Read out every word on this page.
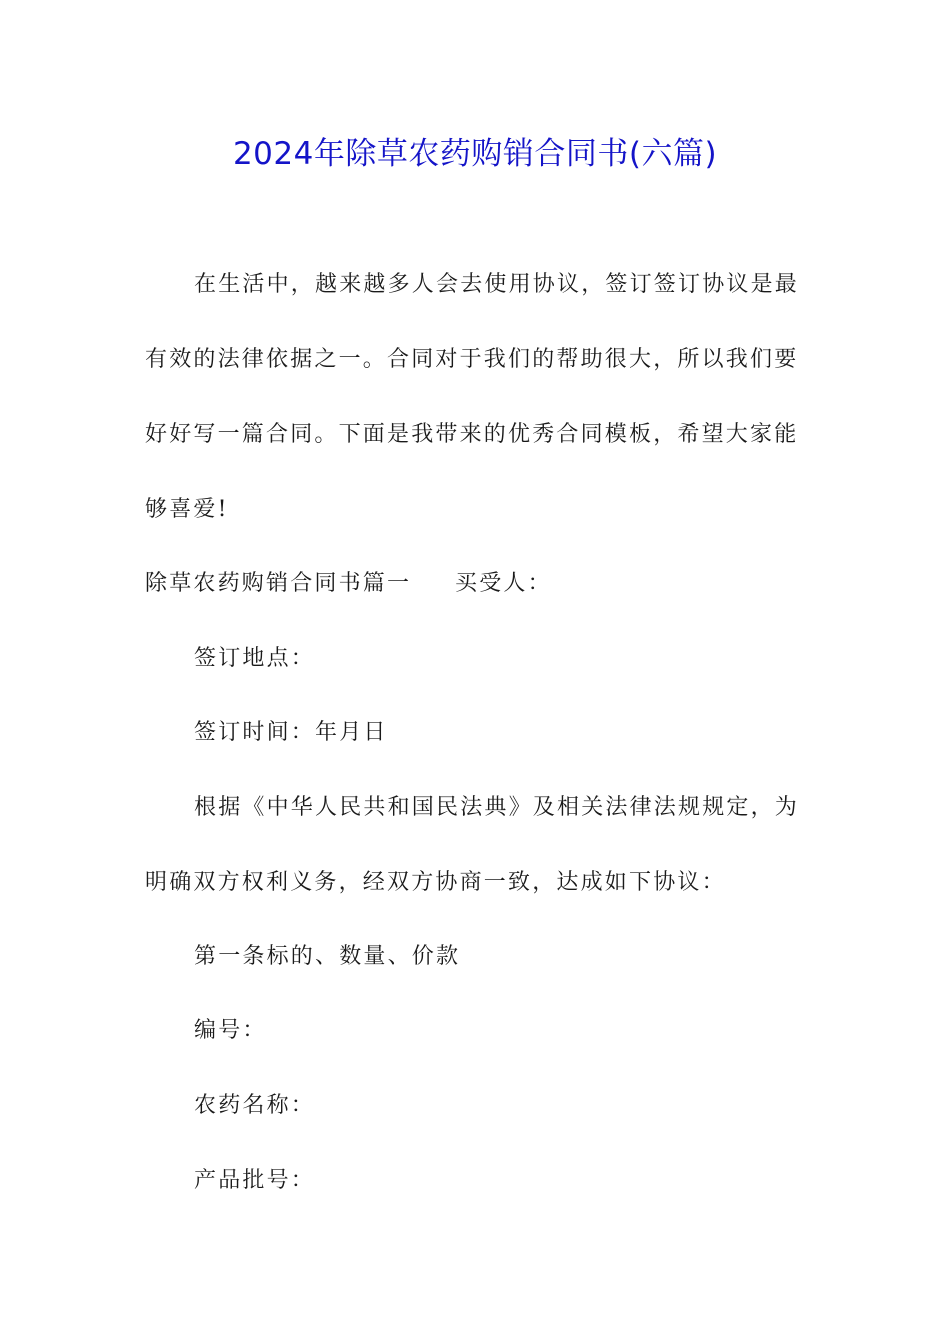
2024年除草农药购销合同书(六篇)
在生活中，越来越多人会去使用协议，签订签订协议是最
有效的法律依据之一。合同对于我们的帮助很大，所以我们要
好好写一篇合同。下面是我带来的优秀合同模板，希望大家能
够喜爱!
除草农药购销合同书篇一 买受人：
签订地点：
签订时间：年月日
根据《中华人民共和国民法典》及相关法律法规规定，为
明确双方权利义务，经双方协商一致，达成如下协议：
第一条标的、数量、价款
编号：
农药名称：
产品批号：
